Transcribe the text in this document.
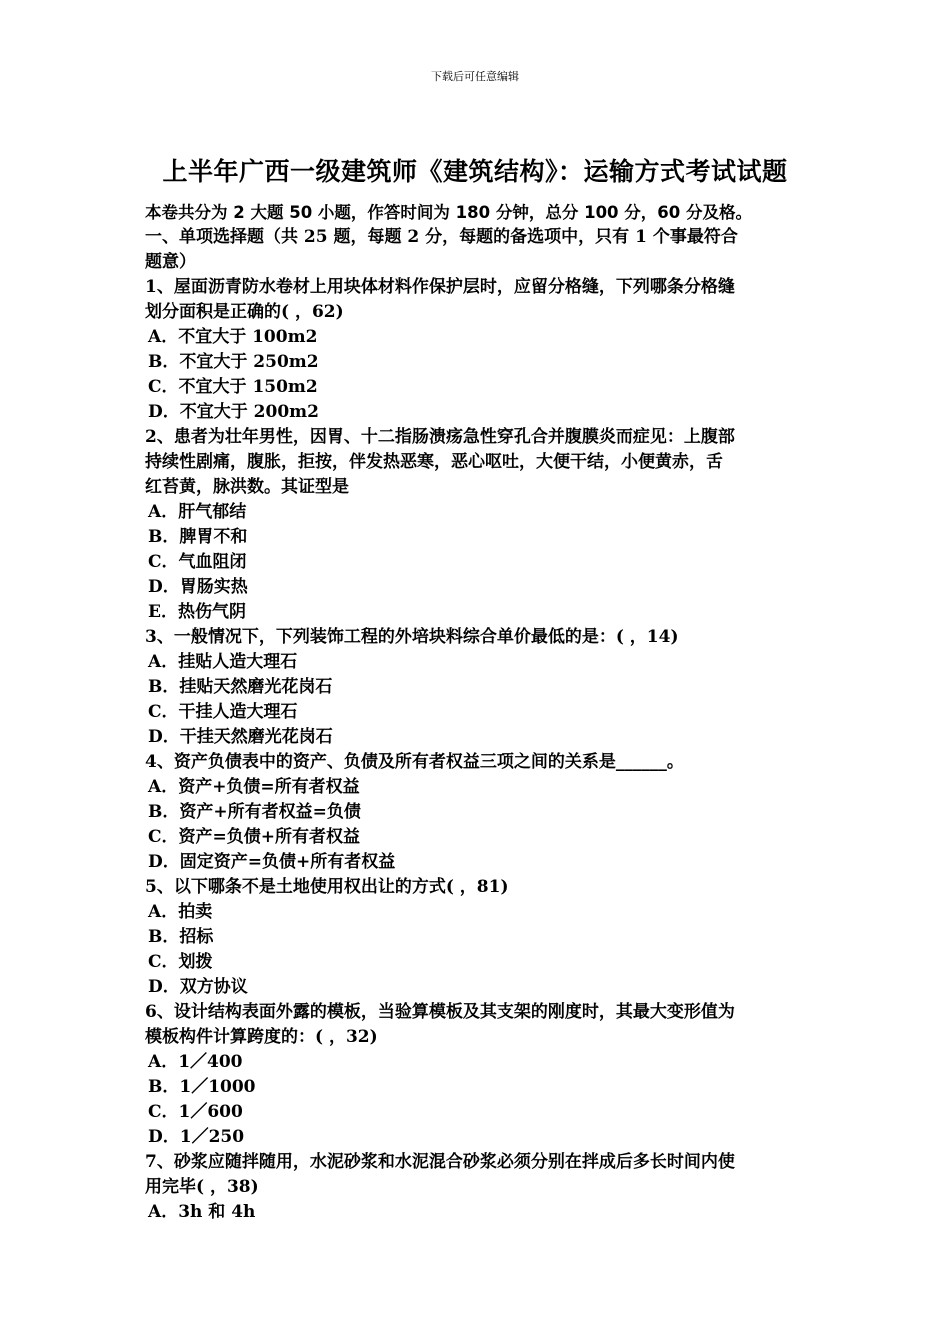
下载后可任意编辑
上半年广西一级建筑师《建筑结构》：运输方式考试试题
本卷共分为 2 大题 50 小题，作答时间为 180 分钟，总分 100 分，60 分及格。
一、单项选择题（共 25 题，每题 2 分，每题的备选项中，只有 1 个事最符合
题意）
1、屋面沥青防水卷材上用块体材料作保护层时，应留分格缝，下列哪条分格缝
划分面积是正确的( ，62)
A．不宜大于 100m2
B．不宜大于 250m2
C．不宜大于 150m2
D．不宜大于 200m2
2、患者为壮年男性，因胃、十二指肠溃疡急性穿孔合并腹膜炎而症见：上腹部
持续性剧痛，腹胀，拒按，伴发热恶寒，恶心呕吐，大便干结，小便黄赤，舌
红苔黄，脉洪数。其证型是
A．肝气郁结
B．脾胃不和
C．气血阻闭
D．胃肠实热
E．热伤气阴
3、一般情况下，下列装饰工程的外培块料综合单价最低的是：( ，14)
A．挂贴人造大理石
B．挂贴天然磨光花岗石
C．干挂人造大理石
D．干挂天然磨光花岗石
4、资产负债表中的资产、负债及所有者权益三项之间的关系是______。
A．资产+负债=所有者权益
B．资产+所有者权益=负债
C．资产=负债+所有者权益
D．固定资产=负债+所有者权益
5、以下哪条不是土地使用权出让的方式( ，81)
A．拍卖
B．招标
C．划拨
D．双方协议
6、设计结构表面外露的模板，当验算模板及其支架的刚度时，其最大变形值为
模板构件计算跨度的：( ，32)
A．1／400
B．1／1000
C．1／600
D．1／250
7、砂浆应随拌随用，水泥砂浆和水泥混合砂浆必须分别在拌成后多长时间内使
用完毕( ，38)
A．3h 和 4h
